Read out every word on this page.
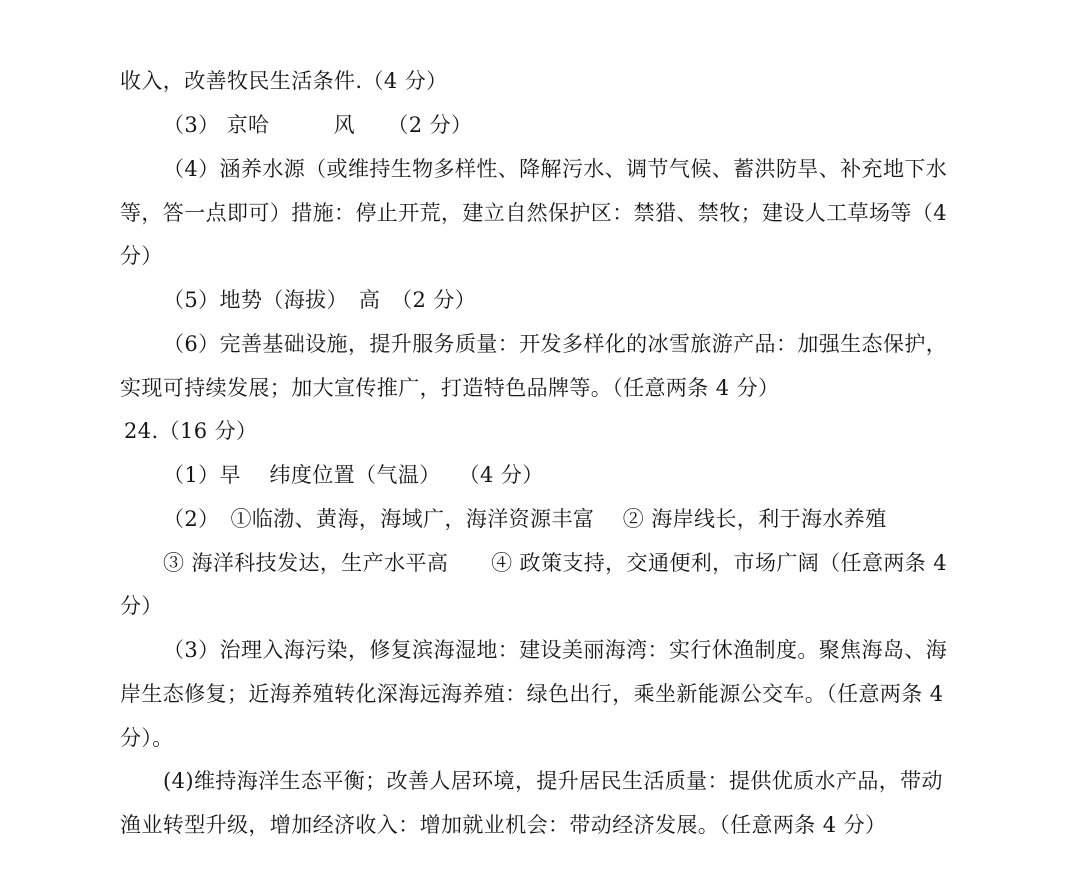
收入，改善牧民生活条件.（4 分）
（3） 京哈　　　风　　（2 分）
（4）涵养水源（或维持生物多样性、降解污水、调节气候、蓄洪防旱、补充地下水
等，答一点即可）措施：停止开荒，建立自然保护区：禁猎、禁牧；建设人工草场等（4
分）
（5）地势（海拔）　高　（2 分）
（6）完善基础设施，提升服务质量：开发多样化的冰雪旅游产品：加强生态保护，
实现可持续发展；加大宣传推广，打造特色品牌等。（任意两条 4 分）
24.（16 分）
（1）早　 纬度位置（气温）　 （4 分）
（2）　①临渤、黄海，海域广，海洋资源丰富　 ② 海岸线长，利于海水养殖
③ 海洋科技发达，生产水平高　　④ 政策支持，交通便利，市场广阔（任意两条 4
分）
（3）治理入海污染，修复滨海湿地：建设美丽海湾：实行休渔制度。聚焦海岛、海
岸生态修复；近海养殖转化深海远海养殖：绿色出行，乘坐新能源公交车。（任意两条 4
分）。
(4)维持海洋生态平衡；改善人居环境，提升居民生活质量：提供优质水产品，带动
渔业转型升级，增加经济收入：增加就业机会：带动经济发展。（任意两条 4 分）
